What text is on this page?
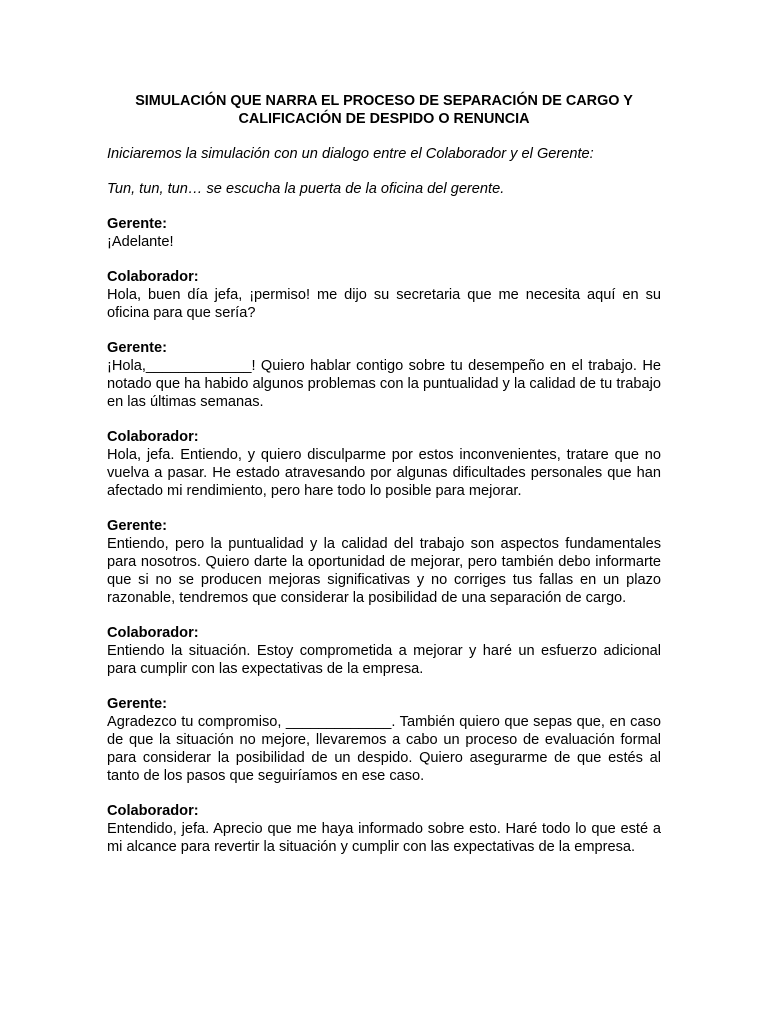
SIMULACIÓN QUE NARRA EL PROCESO DE SEPARACIÓN DE CARGO Y
CALIFICACIÓN DE DESPIDO O RENUNCIA

Iniciaremos la simulación con un dialogo entre el Colaborador y el Gerente:

Tun, tun, tun… se escucha la puerta de la oficina del gerente.

Gerente:

¡Adelante!

Colaborador:

Hola, buen día jefa, ¡permiso! me dijo su secretaria que me necesita aquí en su oficina para que sería?

Gerente:

¡Hola,_____________! Quiero hablar contigo sobre tu desempeño en el trabajo. He notado que ha habido algunos problemas con la puntualidad y la calidad de tu trabajo en las últimas semanas.

Colaborador:

Hola, jefa. Entiendo, y quiero disculparme por estos inconvenientes, tratare que no vuelva a pasar. He estado atravesando por algunas dificultades personales que han afectado mi rendimiento, pero hare todo lo posible para mejorar.

Gerente:

Entiendo, pero la puntualidad y la calidad del trabajo son aspectos fundamentales para nosotros. Quiero darte la oportunidad de mejorar, pero también debo informarte que si no se producen mejoras significativas y no corriges tus fallas en un plazo razonable, tendremos que considerar la posibilidad de una separación de cargo.

Colaborador:

Entiendo la situación. Estoy comprometida a mejorar y haré un esfuerzo adicional para cumplir con las expectativas de la empresa.

Gerente:

Agradezco tu compromiso, _____________. También quiero que sepas que, en caso de que la situación no mejore, llevaremos a cabo un proceso de evaluación formal para considerar la posibilidad de un despido. Quiero asegurarme de que estés al tanto de los pasos que seguiríamos en ese caso.

Colaborador:

Entendido, jefa. Aprecio que me haya informado sobre esto. Haré todo lo que esté a mi alcance para revertir la situación y cumplir con las expectativas de la empresa.
